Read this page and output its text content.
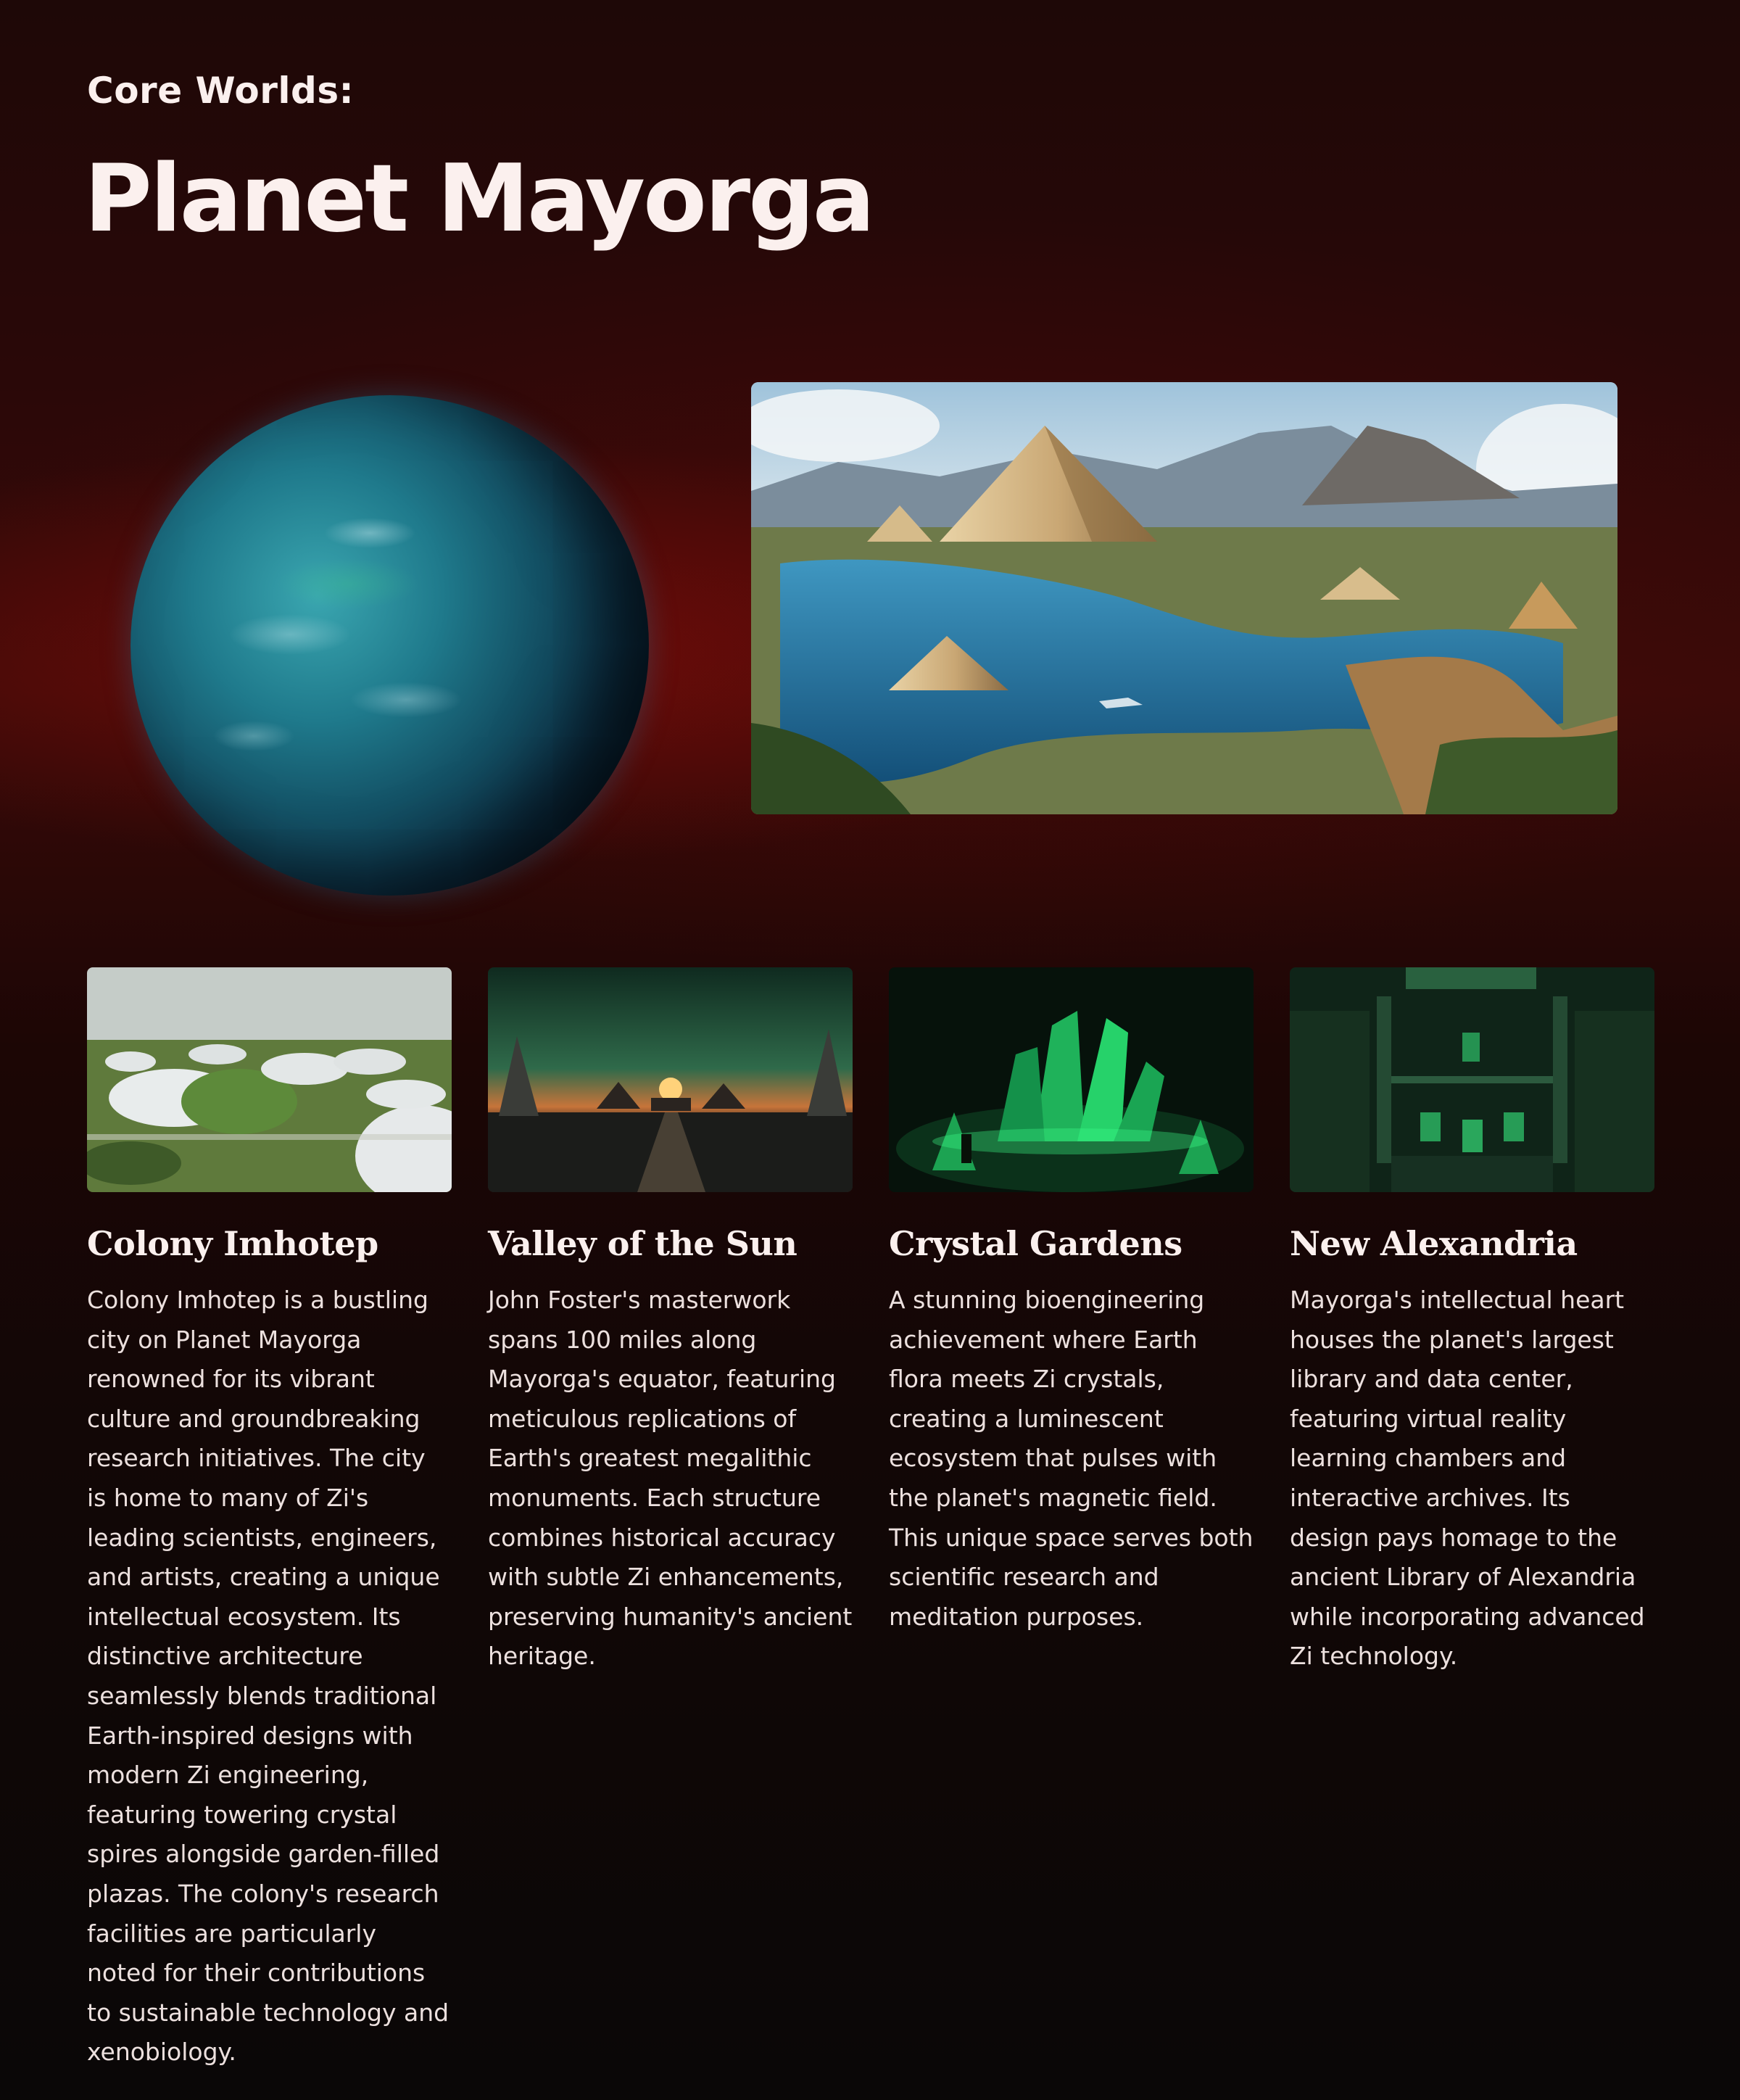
Core Worlds:
Planet Mayorga
Colony Imhotep

Colony Imhotep is a bustling city on Planet Mayorga renowned for its vibrant culture and groundbreaking research initiatives. The city is home to many of Zi's leading scientists, engineers, and artists, creating a unique intellectual ecosystem. Its distinctive architecture seamlessly blends traditional Earth-inspired designs with modern Zi engineering, featuring towering crystal spires alongside garden-filled plazas. The colony's research facilities are particularly noted for their contributions to sustainable technology and xenobiology.

Valley of the Sun

John Foster's masterwork spans 100 miles along Mayorga's equator, featuring meticulous replications of Earth's greatest megalithic monuments. Each structure combines historical accuracy with subtle Zi enhancements, preserving humanity's ancient heritage.

Crystal Gardens

A stunning bioengineering achievement where Earth flora meets Zi crystals, creating a luminescent ecosystem that pulses with the planet's magnetic field. This unique space serves both scientific research and meditation purposes.

New Alexandria

Mayorga's intellectual heart houses the planet's largest library and data center, featuring virtual reality learning chambers and interactive archives. Its design pays homage to the ancient Library of Alexandria while incorporating advanced Zi technology.
